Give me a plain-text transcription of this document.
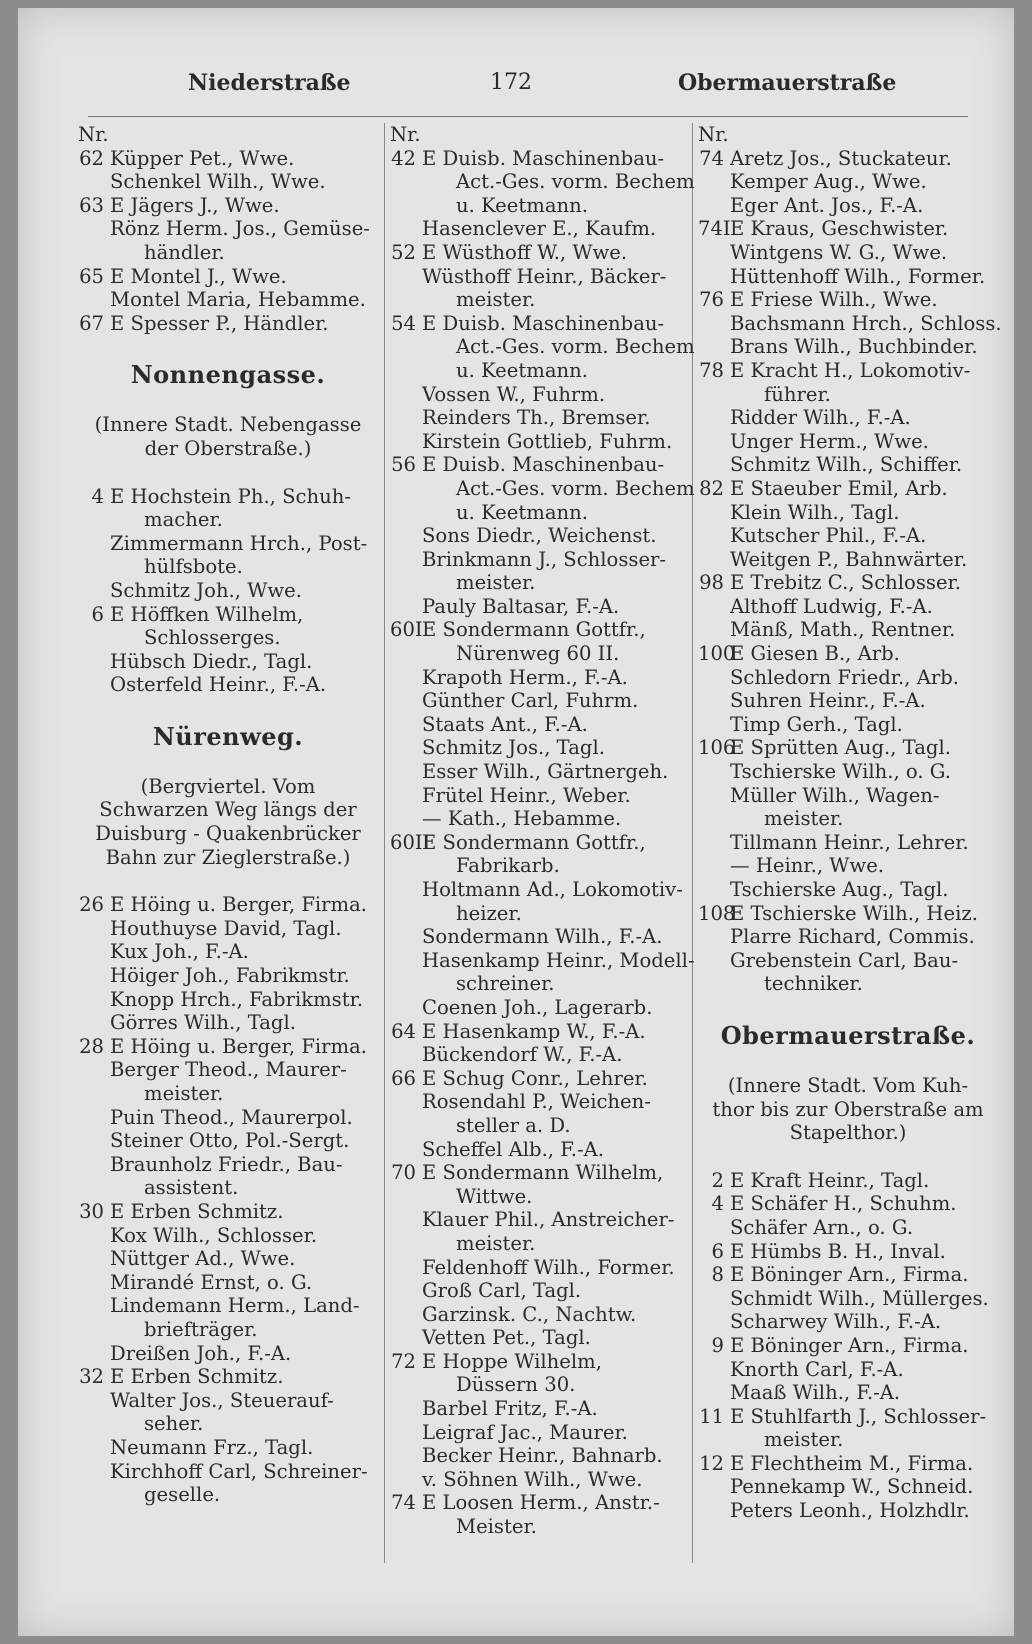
Niederstraße	172	Obermauerstraße
Nr.
62 Küpper Pet., Wwe.
Schenkel Wilh., Wwe.
63 E Jägers J., Wwe.
Rönz Herm. Jos., Gemüse-
händler.
65 E Montel J., Wwe.
Montel Maria, Hebamme.
67 E Spesser P., Händler.
Nonnengasse.
(Innere Stadt. Nebengasse
der Oberstraße.)
4 E Hochstein Ph., Schuh-
macher.
Zimmermann Hrch., Post-
hülfsbote.
Schmitz Joh., Wwe.
6 E Höffken Wilhelm,
Schlosserges.
Hübsch Diedr., Tagl.
Osterfeld Heinr., F.-A.
Nürenweg.
(Bergviertel. Vom
Schwarzen Weg längs der
Duisburg - Quakenbrücker
Bahn zur Zieglerstraße.)
26 E Höing u. Berger, Firma.
Houthuyse David, Tagl.
Kux Joh., F.-A.
Höiger Joh., Fabrikmstr.
Knopp Hrch., Fabrikmstr.
Görres Wilh., Tagl.
28 E Höing u. Berger, Firma.
Berger Theod., Maurer-
meister.
Puin Theod., Maurerpol.
Steiner Otto, Pol.-Sergt.
Braunholz Friedr., Bau-
assistent.
30 E Erben Schmitz.
Kox Wilh., Schlosser.
Nüttger Ad., Wwe.
Mirandé Ernst, o. G.
Lindemann Herm., Land-
briefträger.
Dreißen Joh., F.-A.
32 E Erben Schmitz.
Walter Jos., Steuerauf-
seher.
Neumann Frz., Tagl.
Kirchhoff Carl, Schreiner-
geselle.
Nr.
42 E Duisb. Maschinenbau-
Act.-Ges. vorm. Bechem
u. Keetmann.
Hasenclever E., Kaufm.
52 E Wüsthoff W., Wwe.
Wüsthoff Heinr., Bäcker-
meister.
54 E Duisb. Maschinenbau-
Act.-Ges. vorm. Bechem
u. Keetmann.
Vossen W., Fuhrm.
Reinders Th., Bremser.
Kirstein Gottlieb, Fuhrm.
56 E Duisb. Maschinenbau-
Act.-Ges. vorm. Bechem
u. Keetmann.
Sons Diedr., Weichenst.
Brinkmann J., Schlosser-
meister.
Pauly Baltasar, F.-A.
60IE Sondermann Gottfr.,
Nürenweg 60 II.
Krapoth Herm., F.-A.
Günther Carl, Fuhrm.
Staats Ant., F.-A.
Schmitz Jos., Tagl.
Esser Wilh., Gärtnergeh.
Frütel Heinr., Weber.
— Kath., Hebamme.
60IIE Sondermann Gottfr.,
Fabrikarb.
Holtmann Ad., Lokomotiv-
heizer.
Sondermann Wilh., F.-A.
Hasenkamp Heinr., Modell-
schreiner.
Coenen Joh., Lagerarb.
64 E Hasenkamp W., F.-A.
Bückendorf W., F.-A.
66 E Schug Conr., Lehrer.
Rosendahl P., Weichen-
steller a. D.
Scheffel Alb., F.-A.
70 E Sondermann Wilhelm,
Wittwe.
Klauer Phil., Anstreicher-
meister.
Feldenhoff Wilh., Former.
Groß Carl, Tagl.
Garzinsk. C., Nachtw.
Vetten Pet., Tagl.
72 E Hoppe Wilhelm,
Düssern 30.
Barbel Fritz, F.-A.
Leigraf Jac., Maurer.
Becker Heinr., Bahnarb.
v. Söhnen Wilh., Wwe.
74 E Loosen Herm., Anstr.-
Meister.
Nr.
74 Aretz Jos., Stuckateur.
Kemper Aug., Wwe.
Eger Ant. Jos., F.-A.
74IE Kraus, Geschwister.
Wintgens W. G., Wwe.
Hüttenhoff Wilh., Former.
76 E Friese Wilh., Wwe.
Bachsmann Hrch., Schloss.
Brans Wilh., Buchbinder.
78 E Kracht H., Lokomotiv-
führer.
Ridder Wilh., F.-A.
Unger Herm., Wwe.
Schmitz Wilh., Schiffer.
82 E Staeuber Emil, Arb.
Klein Wilh., Tagl.
Kutscher Phil., F.-A.
Weitgen P., Bahnwärter.
98 E Trebitz C., Schlosser.
Althoff Ludwig, F.-A.
Mänß, Math., Rentner.
100E Giesen B., Arb.
Schledorn Friedr., Arb.
Suhren Heinr., F.-A.
Timp Gerh., Tagl.
106E Sprütten Aug., Tagl.
Tschierske Wilh., o. G.
Müller Wilh., Wagen-
meister.
Tillmann Heinr., Lehrer.
— Heinr., Wwe.
Tschierske Aug., Tagl.
108E Tschierske Wilh., Heiz.
Plarre Richard, Commis.
Grebenstein Carl, Bau-
techniker.
Obermauerstraße.
(Innere Stadt. Vom Kuh-
thor bis zur Oberstraße am
Stapelthor.)
2 E Kraft Heinr., Tagl.
4 E Schäfer H., Schuhm.
Schäfer Arn., o. G.
6 E Hümbs B. H., Inval.
8 E Böninger Arn., Firma.
Schmidt Wilh., Müllerges.
Scharwey Wilh., F.-A.
9 E Böninger Arn., Firma.
Knorth Carl, F.-A.
Maaß Wilh., F.-A.
11 E Stuhlfarth J., Schlosser-
meister.
12 E Flechtheim M., Firma.
Pennekamp W., Schneid.
Peters Leonh., Holzhdlr.
